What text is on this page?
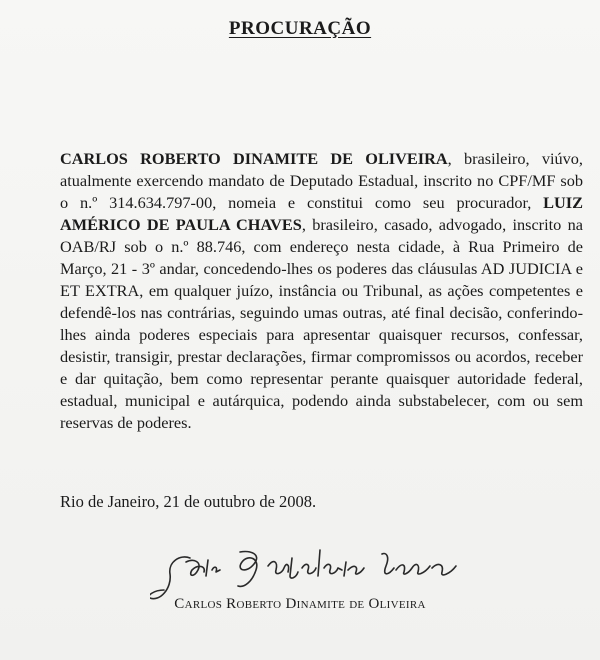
PROCURAÇÃO
CARLOS ROBERTO DINAMITE DE OLIVEIRA, brasileiro, viúvo, atualmente exercendo mandato de Deputado Estadual, inscrito no CPF/MF sob o n.º 314.634.797-00, nomeia e constitui como seu procurador, LUIZ AMÉRICO DE PAULA CHAVES, brasileiro, casado, advogado, inscrito na OAB/RJ sob o n.º 88.746, com endereço nesta cidade, à Rua Primeiro de Março, 21 - 3º andar, concedendo-lhes os poderes das cláusulas AD JUDICIA e ET EXTRA, em qualquer juízo, instância ou Tribunal, as ações competentes e defendê-los nas contrárias, seguindo umas outras, até final decisão, conferindo-lhes ainda poderes especiais para apresentar quaisquer recursos, confessar, desistir, transigir, prestar declarações, firmar compromissos ou acordos, receber e dar quitação, bem como representar perante quaisquer autoridade federal, estadual, municipal e autárquica, podendo ainda substabelecer, com ou sem reservas de poderes.
Rio de Janeiro, 21 de outubro de 2008.
Carlos Roberto Dinamite de Oliveira
